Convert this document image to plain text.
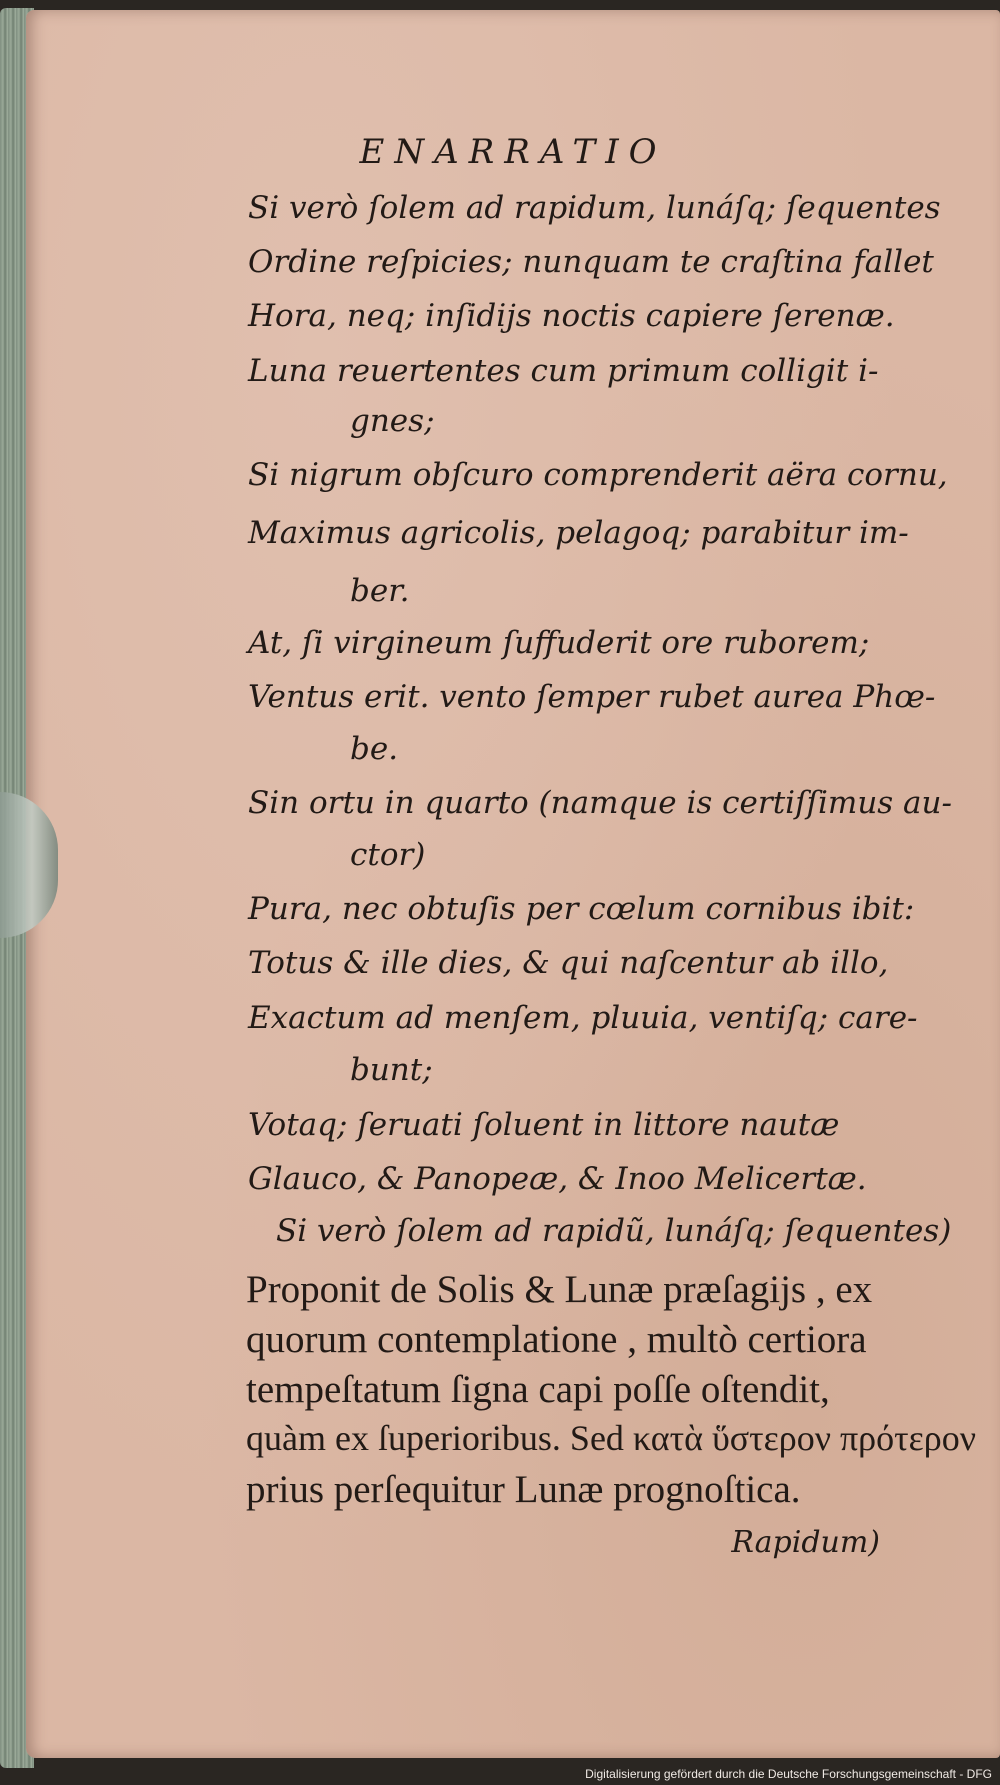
ENARRATIO

Si verò ſolem ad rapidum, lunáſq; ſequentes

Ordine reſpicies; nunquam te craſtina fallet

Hora, neq; inſidijs noctis capiere ſerenæ.

Luna reuertentes cum primum colligit i-

gnes;

Si nigrum obſcuro comprenderit aëra cornu,

Maximus agricolis, pelagoq; parabitur im-

ber.

At, ſi virgineum ſuffuderit ore ruborem;

Ventus erit. vento ſemper rubet aurea Phœ-

be.

Sin ortu in quarto (namque is certiſſimus au-

ctor)

Pura, nec obtuſis per cœlum cornibus ibit:

Totus & ille dies, & qui naſcentur ab illo,

Exactum ad menſem, pluuia, ventiſq; care-

bunt;

Votaq; ſeruati ſoluent in littore nautæ

Glauco, & Panopeæ, & Inoo Melicertæ.

Si verò ſolem ad rapidũ, lunáſq; ſequentes)

Proponit de Solis & Lunæ præſagijs , ex

quorum contemplatione , multò certiora

tempeſtatum ſigna capi poſſe oſtendit,

quàm ex ſuperioribus. Sed κατὰ ὕστερον πρότερον

prius perſequitur Lunæ prognoſtica.

Rapidum)

Digitalisierung gefördert durch die Deutsche Forschungsgemeinschaft - DFG
